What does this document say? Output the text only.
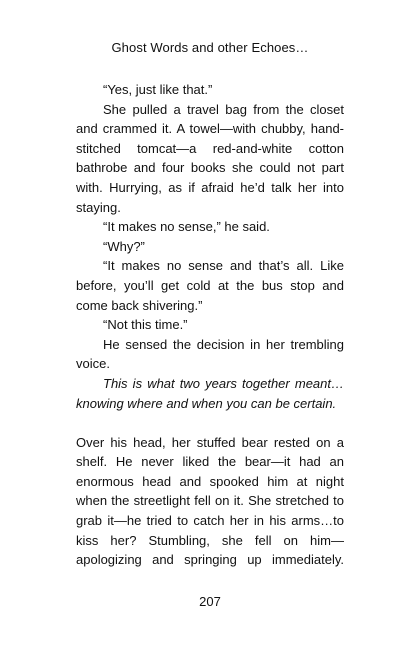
Ghost Words and other Echoes…

“Yes, just like that.”

She pulled a travel bag from the closet and crammed it. A towel—with chubby, hand-stitched tomcat—a red-and-white cotton bathrobe and four books she could not part with. Hurrying, as if afraid he’d talk her into staying.

“It makes no sense,” he said.

“Why?”

“It makes no sense and that’s all. Like before, you’ll get cold at the bus stop and come back shivering.”

“Not this time.”

He sensed the decision in her trembling voice.

This is what two years together meant… knowing where and when you can be certain.

Over his head, her stuffed bear rested on a shelf. He never liked the bear—it had an enormous head and spooked him at night when the streetlight fell on it. She stretched to grab it—he tried to catch her in his arms…to kiss her? Stumbling, she fell on him—apologizing and springing up immediately.

207
